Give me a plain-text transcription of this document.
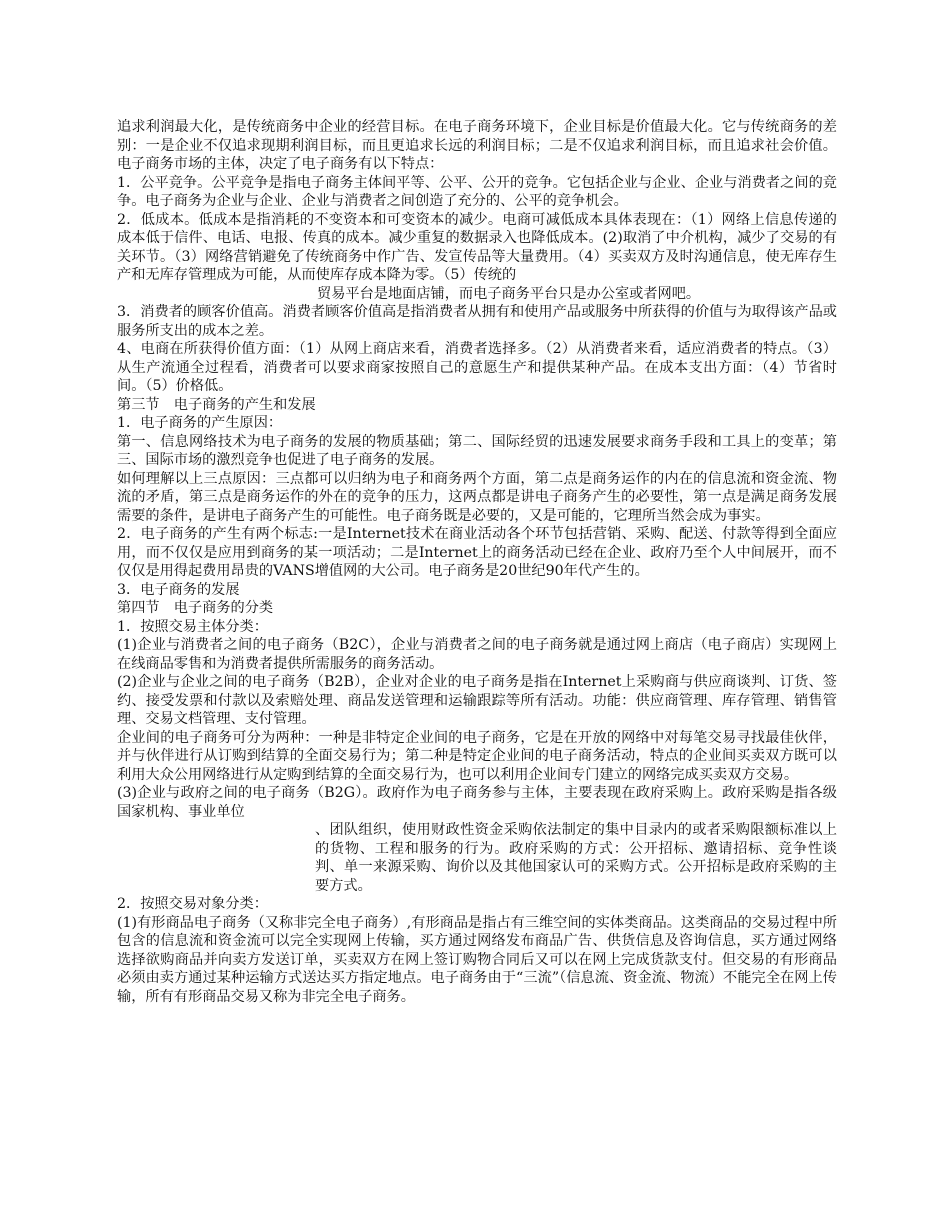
追求利润最大化，是传统商务中企业的经营目标。在电子商务环境下，企业目标是价值最大化。它与传统商务的差别：一是企业不仅追求现期利润目标，而且更追求长远的利润目标；二是不仅追求利润目标，而且追求社会价值。电子商务市场的主体，决定了电子商务有以下特点：

1．公平竞争。公平竞争是指电子商务主体间平等、公平、公开的竞争。它包括企业与企业、企业与消费者之间的竞争。电子商务为企业与企业、企业与消费者之间创造了充分的、公平的竞争机会。

2．低成本。低成本是指消耗的不变资本和可变资本的减少。电商可减低成本具体表现在：（1）网络上信息传递的成本低于信件、电话、电报、传真的成本。减少重复的数据录入也降低成本。(2)取消了中介机构，减少了交易的有关环节。（3）网络营销避免了传统商务中作广告、发宣传品等大量费用。（4）买卖双方及时沟通信息，使无库存生产和无库存管理成为可能，从而使库存成本降为零。（5）传统的

贸易平台是地面店铺，而电子商务平台只是办公室或者网吧。

3．消费者的顾客价值高。消费者顾客价值高是指消费者从拥有和使用产品或服务中所获得的价值与为取得该产品或服务所支出的成本之差。

4、电商在所获得价值方面：（1）从网上商店来看，消费者选择多。（2）从消费者来看，适应消费者的特点。（3）从生产流通全过程看，消费者可以要求商家按照自己的意愿生产和提供某种产品。在成本支出方面：（4）节省时间。（5）价格低。

第三节　电子商务的产生和发展

1．电子商务的产生原因：

第一、信息网络技术为电子商务的发展的物质基础；第二、国际经贸的迅速发展要求商务手段和工具上的变革；第三、国际市场的激烈竞争也促进了电子商务的发展。

如何理解以上三点原因：三点都可以归纳为电子和商务两个方面，第二点是商务运作的内在的信息流和资金流、物流的矛盾，第三点是商务运作的外在的竞争的压力，这两点都是讲电子商务产生的必要性，第一点是满足商务发展需要的条件，是讲电子商务产生的可能性。电子商务既是必要的，又是可能的，它理所当然会成为事实。

2．电子商务的产生有两个标志:一是Internet技术在商业活动各个环节包括营销、采购、配送、付款等得到全面应用，而不仅仅是应用到商务的某一项活动；二是Internet上的商务活动已经在企业、政府乃至个人中间展开，而不仅仅是用得起费用昂贵的VANS增值网的大公司。电子商务是20世纪90年代产生的。

3．电子商务的发展

第四节　电子商务的分类

1．按照交易主体分类：

(1)企业与消费者之间的电子商务（B2C），企业与消费者之间的电子商务就是通过网上商店（电子商店）实现网上在线商品零售和为消费者提供所需服务的商务活动。

(2)企业与企业之间的电子商务（B2B），企业对企业的电子商务是指在Internet上采购商与供应商谈判、订货、签约、接受发票和付款以及索赔处理、商品发送管理和运输跟踪等所有活动。功能：供应商管理、库存管理、销售管理、交易文档管理、支付管理。

企业间的电子商务可分为两种：一种是非特定企业间的电子商务，它是在开放的网络中对每笔交易寻找最佳伙伴，并与伙伴进行从订购到结算的全面交易行为；第二种是特定企业间的电子商务活动，特点的企业间买卖双方既可以利用大众公用网络进行从定购到结算的全面交易行为，也可以利用企业间专门建立的网络完成买卖双方交易。

(3)企业与政府之间的电子商务（B2G）。政府作为电子商务参与主体，主要表现在政府采购上。政府采购是指各级国家机构、事业单位

、团队组织，使用财政性资金采购依法制定的集中目录内的或者采购限额标准以上的货物、工程和服务的行为。政府采购的方式：公开招标、邀请招标、竞争性谈判、单一来源采购、询价以及其他国家认可的采购方式。公开招标是政府采购的主要方式。

2．按照交易对象分类：

(1)有形商品电子商务（又称非完全电子商务）,有形商品是指占有三维空间的实体类商品。这类商品的交易过程中所包含的信息流和资金流可以完全实现网上传输，买方通过网络发布商品广告、供货信息及咨询信息，买方通过网络选择欲购商品并向卖方发送订单，买卖双方在网上签订购物合同后又可以在网上完成货款支付。但交易的有形商品必须由卖方通过某种运输方式送达买方指定地点。电子商务由于“三流”（信息流、资金流、物流）不能完全在网上传输，所有有形商品交易又称为非完全电子商务。
